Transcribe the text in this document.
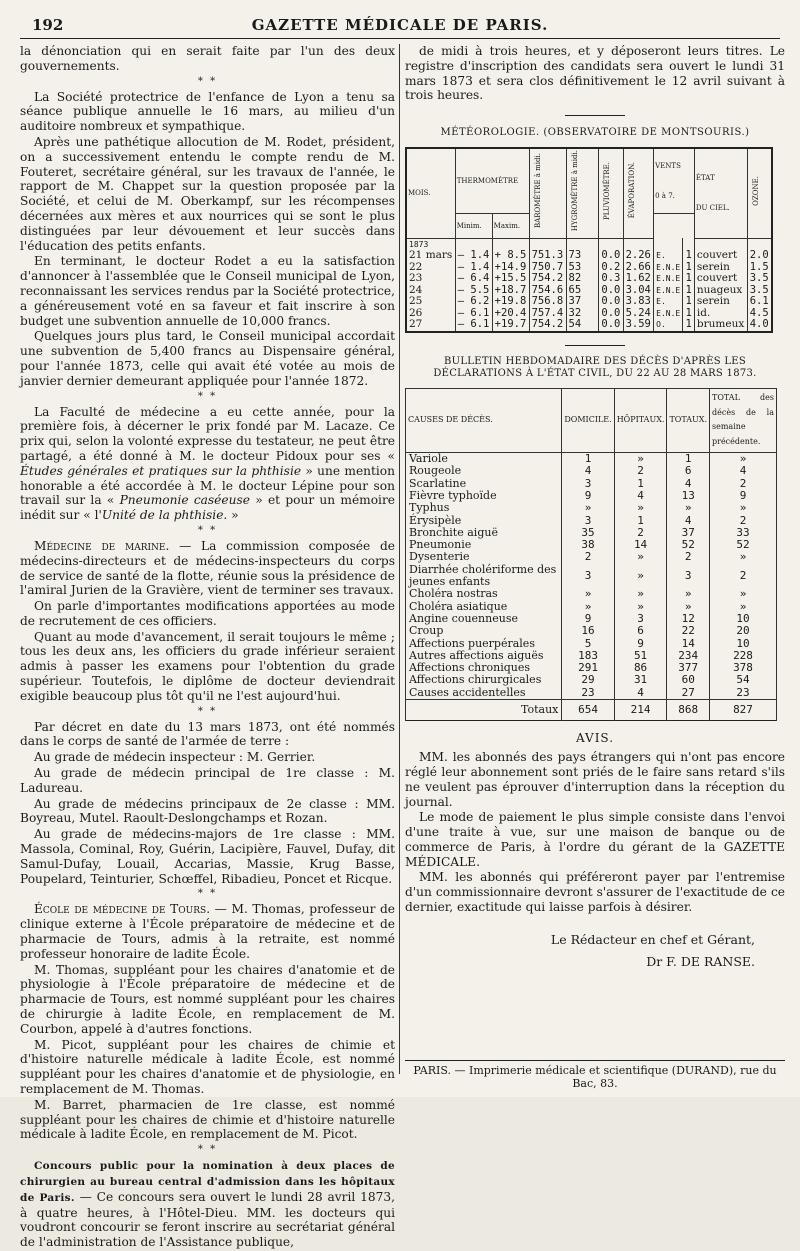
192	GAZETTE MÉDICALE DE PARIS.

la dénonciation qui en serait faite par l'un des deux gouvernements.

* *

La Société protectrice de l'enfance de Lyon a tenu sa séance publique annuelle le 16 mars, au milieu d'un auditoire nombreux et sympathique.

Après une pathétique allocution de M. Rodet, président, on a successivement entendu le compte rendu de M. Fouteret, secrétaire général, sur les travaux de l'année, le rapport de M. Chappet sur la question proposée par la Société, et celui de M. Oberkampf, sur les récompenses décernées aux mères et aux nourrices qui se sont le plus distinguées par leur dévouement et leur succès dans l'éducation des petits enfants.

En terminant, le docteur Rodet a eu la satisfaction d'annoncer à l'assemblée que le Conseil municipal de Lyon, reconnaissant les services rendus par la Société protectrice, a généreusement voté en sa faveur et fait inscrire à son budget une subvention annuelle de 10,000 francs.

Quelques jours plus tard, le Conseil municipal accordait une subvention de 5,400 francs au Dispensaire général, pour l'année 1873, celle qui avait été votée au mois de janvier dernier demeurant appliquée pour l'année 1872.

* *

La Faculté de médecine a eu cette année, pour la première fois, à décerner le prix fondé par M. Lacaze. Ce prix qui, selon la volonté expresse du testateur, ne peut être partagé, a été donné à M. le docteur Pidoux pour ses « Études générales et pratiques sur la phthisie » une mention honorable a été accordée à M. le docteur Lépine pour son travail sur la « Pneumonie caséeuse » et pour un mémoire inédit sur « l'Unité de la phthisie. »

* *

Médecine de marine. — La commission composée de médecins-directeurs et de médecins-inspecteurs du corps de service de santé de la flotte, réunie sous la présidence de l'amiral Jurien de la Gravière, vient de terminer ses travaux.

On parle d'importantes modifications apportées au mode de recrutement de ces officiers.

Quant au mode d'avancement, il serait toujours le même ; tous les deux ans, les officiers du grade inférieur seraient admis à passer les examens pour l'obtention du grade supérieur. Toutefois, le diplôme de docteur deviendrait exigible beaucoup plus tôt qu'il ne l'est aujourd'hui.

* *

Par décret en date du 13 mars 1873, ont été nommés dans le corps de santé de l'armée de terre :

Au grade de médecin inspecteur : M. Gerrier.

Au grade de médecin principal de 1re classe : M. Ladureau.

Au grade de médecins principaux de 2e classe : MM. Boyreau, Mutel. Raoult-Deslongchamps et Rozan.

Au grade de médecins-majors de 1re classe : MM. Massola, Cominal, Roy, Guérin, Lacipière, Fauvel, Dufay, dit Samul-Dufay, Louail, Accarias, Massie, Krug Basse, Poupelard, Teinturier, Schœffel, Ribadieu, Poncet et Ricque.

* *

École de médecine de Tours. — M. Thomas, professeur de clinique externe à l'École préparatoire de médecine et de pharmacie de Tours, admis à la retraite, est nommé professeur honoraire de ladite École.

M. Thomas, suppléant pour les chaires d'anatomie et de physiologie à l'École préparatoire de médecine et de pharmacie de Tours, est nommé suppléant pour les chaires de chirurgie à ladite École, en remplacement de M. Courbon, appelé à d'autres fonctions.

M. Picot, suppléant pour les chaires de chimie et d'histoire naturelle médicale à ladite École, est nommé suppléant pour les chaires d'anatomie et de physiologie, en remplacement de M. Thomas.

M. Barret, pharmacien de 1re classe, est nommé suppléant pour les chaires de chimie et d'histoire naturelle médicale à ladite École, en remplacement de M. Picot.

* *

Concours public pour la nomination à deux places de chirurgien au bureau central d'admission dans les hôpitaux de Paris. — Ce concours sera ouvert le lundi 28 avril 1873, à quatre heures, à l'Hôtel-Dieu. MM. les docteurs qui voudront concourir se feront inscrire au secrétariat général de l'administration de l'Assistance publique,

de midi à trois heures, et y déposeront leurs titres. Le registre d'inscription des candidats sera ouvert le lundi 31 mars 1873 et sera clos définitivement le 12 avril suivant à trois heures.

MÉTÉOROLOGIE. (OBSERVATOIRE DE MONTSOURIS.)
MOIS.	THERMOMÈTRE		BAROMÈTRE à midi.	HYGROMÈTRE à midi.	PLUVIOMÈTRE.	ÉVAPORATION.	VENTS

0 à 7.		ÉTAT

DU CIEL.	OZONE.
	Minim.	Maxim.								
1873										
21 mars	— 1.4	+ 8.5	751.3	73	0.0	2.26	E.	1	couvert	2.0
22	— 1.4	+14.9	750.7	53	0.2	2.66	E.N.E	1	serein	1.5
23	— 6.4	+15.5	754.2	82	0.3	1.62	E.N.E	1	couvert	3.5
24	— 5.5	+18.7	754.6	65	0.0	3.04	E.N.E	1	nuageux	3.5
25	— 6.2	+19.8	756.8	37	0.0	3.83	E.	1	serein	6.1
26	— 6.1	+20.4	757.4	32	0.0	5.24	E.N.E	1	id.	4.5
27	— 6.1	+19.7	754.2	54	0.0	3.59	O.	1	brumeux	4.0
BULLETIN HEBDOMADAIRE DES DÉCÈS D'APRÈS LES DÉCLARATIONS À L'ÉTAT CIVIL, DU 22 AU 28 MARS 1873.
CAUSES DE DÉCÈS.	DOMICILE.	HÔPITAUX.	TOTAUX.	TOTAL des décès de la semaine précédente.
Variole	1	»	1	»
Rougeole	4	2	6	4
Scarlatine	3	1	4	2
Fièvre typhoïde	9	4	13	9
Typhus	»	»	»	»
Érysipèle	3	1	4	2
Bronchite aiguë	35	2	37	33
Pneumonie	38	14	52	52
Dysenterie	2	»	2	»
Diarrhée cholériforme des jeunes enfants	3	»	3	2
Choléra nostras	»	»	»	»
Choléra asiatique	»	»	»	»
Angine couenneuse	9	3	12	10
Croup	16	6	22	20
Affections puerpérales	5	9	14	10
Autres affections aiguës	183	51	234	228
Affections chroniques	291	86	377	378
Affections chirurgicales	29	31	60	54
Causes accidentelles	23	4	27	23
Totaux	654	214	868	827
AVIS.

MM. les abonnés des pays étrangers qui n'ont pas encore réglé leur abonnement sont priés de le faire sans retard s'ils ne veulent pas éprouver d'interruption dans la réception du journal.

Le mode de paiement le plus simple consiste dans l'envoi d'une traite à vue, sur une maison de banque ou de commerce de Paris, à l'ordre du gérant de la GAZETTE MÉDICALE.

MM. les abonnés qui préféreront payer par l'entremise d'un commissionnaire devront s'assurer de l'exactitude de ce dernier, exactitude qui laisse parfois à désirer.

Le Rédacteur en chef et Gérant,
Dr F. DE RANSE.
PARIS. — Imprimerie médicale et scientifique (DURAND), rue du Bac, 83.
